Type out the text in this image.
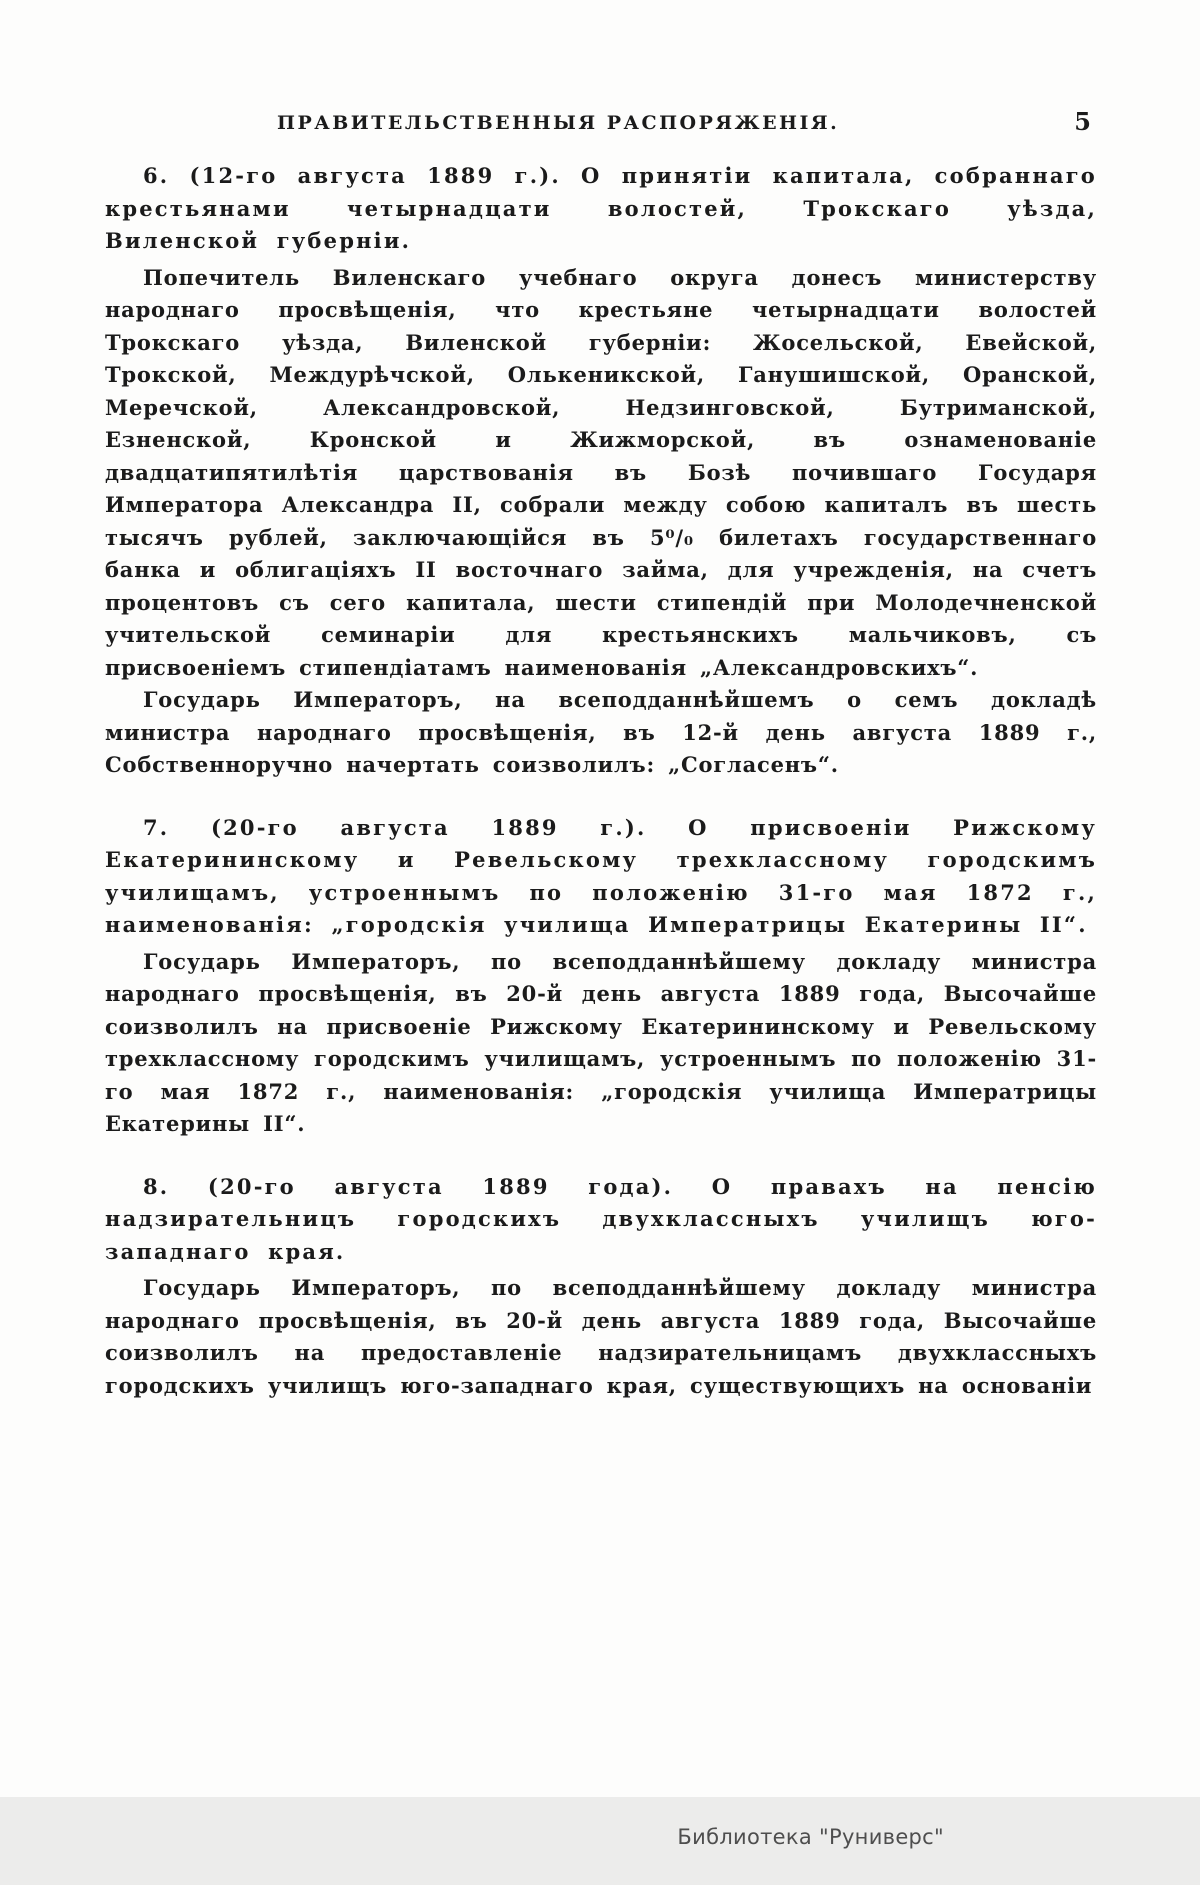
ПРАВИТЕЛЬСТВЕННЫЯ РАСПОРЯЖЕНІЯ.	5

6. (12-го августа 1889 г.). О принятіи капитала, собраннаго крестьянами четырнадцати волостей, Трокскаго уѣзда, Виленской губерніи.

Попечитель Виленскаго учебнаго округа донесъ министерству народнаго просвѣщенія, что крестьяне четырнадцати волостей Трокскаго уѣзда, Виленской губерніи: Жосельской, Евейской, Трокской, Междурѣчской, Олькеникской, Ганушишской, Оранской, Меречской, Александровской, Недзинговской, Бутриманской, Езненской, Кронской и Жижморской, въ ознаменованіе двадцатипятилѣтія царствованія въ Бозѣ почившаго Государя Императора Александра II, собрали между собою капиталъ въ шесть тысячъ рублей, заключающійся въ 5⁰/₀ билетахъ государственнаго банка и облигаціяхъ II восточнаго займа, для учрежденія, на счетъ процентовъ съ сего капитала, шести стипендій при Молодечненской учительской семинаріи для крестьянскихъ мальчиковъ, съ присвоеніемъ стипендіатамъ наименованія „Александровскихъ“.

Государь Императоръ, на всеподданнѣйшемъ о семъ докладѣ министра народнаго просвѣщенія, въ 12-й день августа 1889 г., Собственноручно начертать соизволилъ: „Согласенъ“.

7. (20-го августа 1889 г.). О присвоеніи Рижскому Екатерининскому и Ревельскому трехклассному городскимъ училищамъ, устроеннымъ по положенію 31-го мая 1872 г., наименованія: „городскія училища Императрицы Екатерины II“.

Государь Императоръ, по всеподданнѣйшему докладу министра народнаго просвѣщенія, въ 20-й день августа 1889 года, Высочайше соизволилъ на присвоеніе Рижскому Екатерининскому и Ревельскому трехклассному городскимъ училищамъ, устроеннымъ по положенію 31-го мая 1872 г., наименованія: „городскія училища Императрицы Екатерины II“.

8. (20-го августа 1889 года). О правахъ на пенсію надзирательницъ городскихъ двухклассныхъ училищъ юго-западнаго края.

Государь Императоръ, по всеподданнѣйшему докладу министра народнаго просвѣщенія, въ 20-й день августа 1889 года, Высочайше соизволилъ на предоставленіе надзирательницамъ двухклассныхъ городскихъ училищъ юго-западнаго края, существующихъ на основаніи

Библиотека "Руниверс"
